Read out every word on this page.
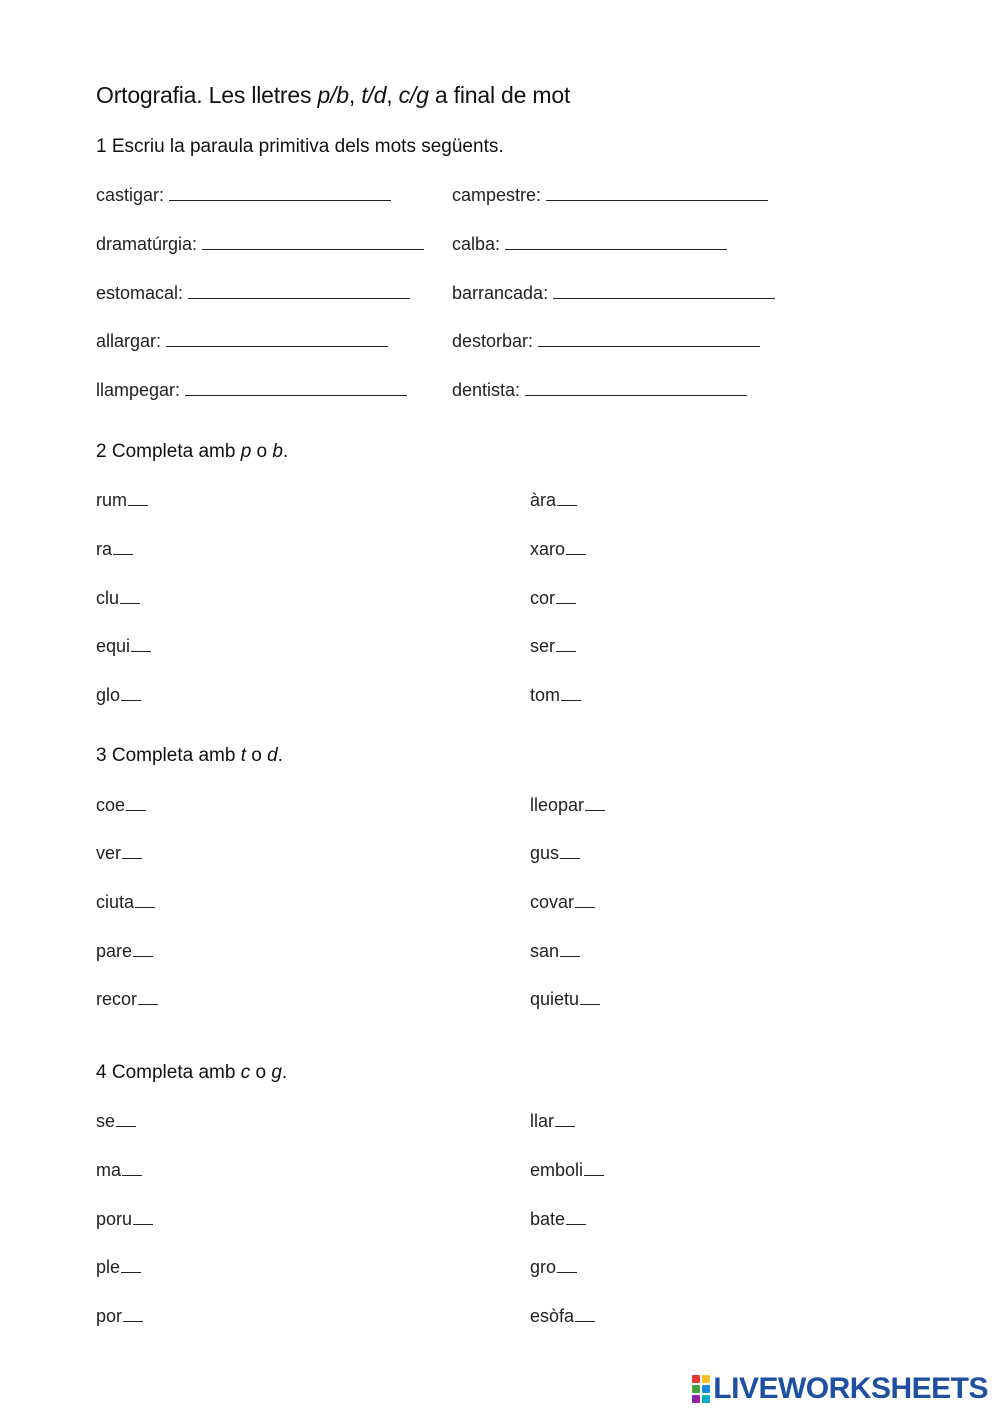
Ortografia. Les lletres p/b, t/d, c/g a final de mot
1 Escriu la paraula primitiva dels mots següents.
castigar:
dramatúrgia:
estomacal:
allargar:
llampegar:
campestre:
calba:
barrancada:
destorbar:
dentista:
2 Completa amb p o b.
rum
ra
clu
equi
glo
àra
xaro
cor
ser
tom
3 Completa amb t o d.
coe
ver
ciuta
pare
recor
lleopar
gus
covar
san
quietu
4 Completa amb c o g.
se
ma
poru
ple
por
llar
emboli
bate
gro
esòfa
LIVEWORKSHEETS
